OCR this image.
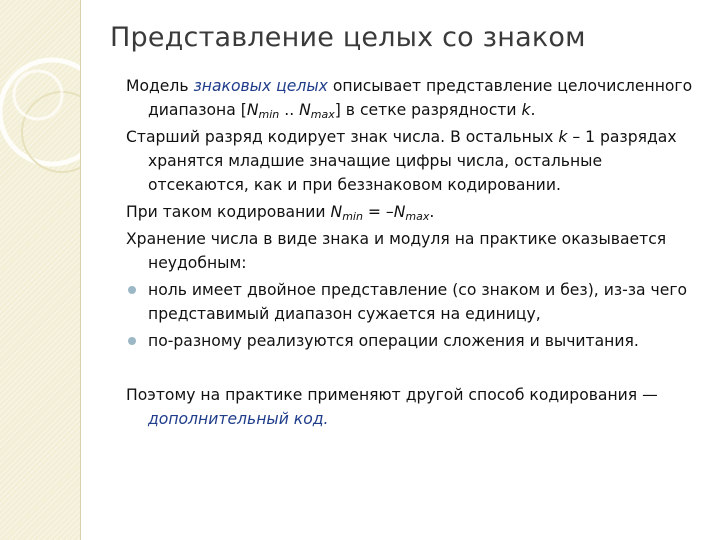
Представление целых со знаком

Модель знаковых целых описывает представление целочисленного диапазона [$N_{min}$ .. $N_{max}$] в сетке разрядности k.

Старший разряд кодирует знак числа. В остальных k – 1 разрядах хранятся младшие значащие цифры числа, остальные отсекаются, как и при беззнаковом кодировании.

При таком кодировании $N_{min} = -N_{max}$.

Хранение числа в виде знака и модуля на практике оказывается неудобным:

ноль имеет двойное представление (со знаком и без), из-за чего представимый диапазон сужается на единицу,
по-разному реализуются операции сложения и вычитания.

Поэтому на практике применяют другой способ кодирования — дополнительный код.
